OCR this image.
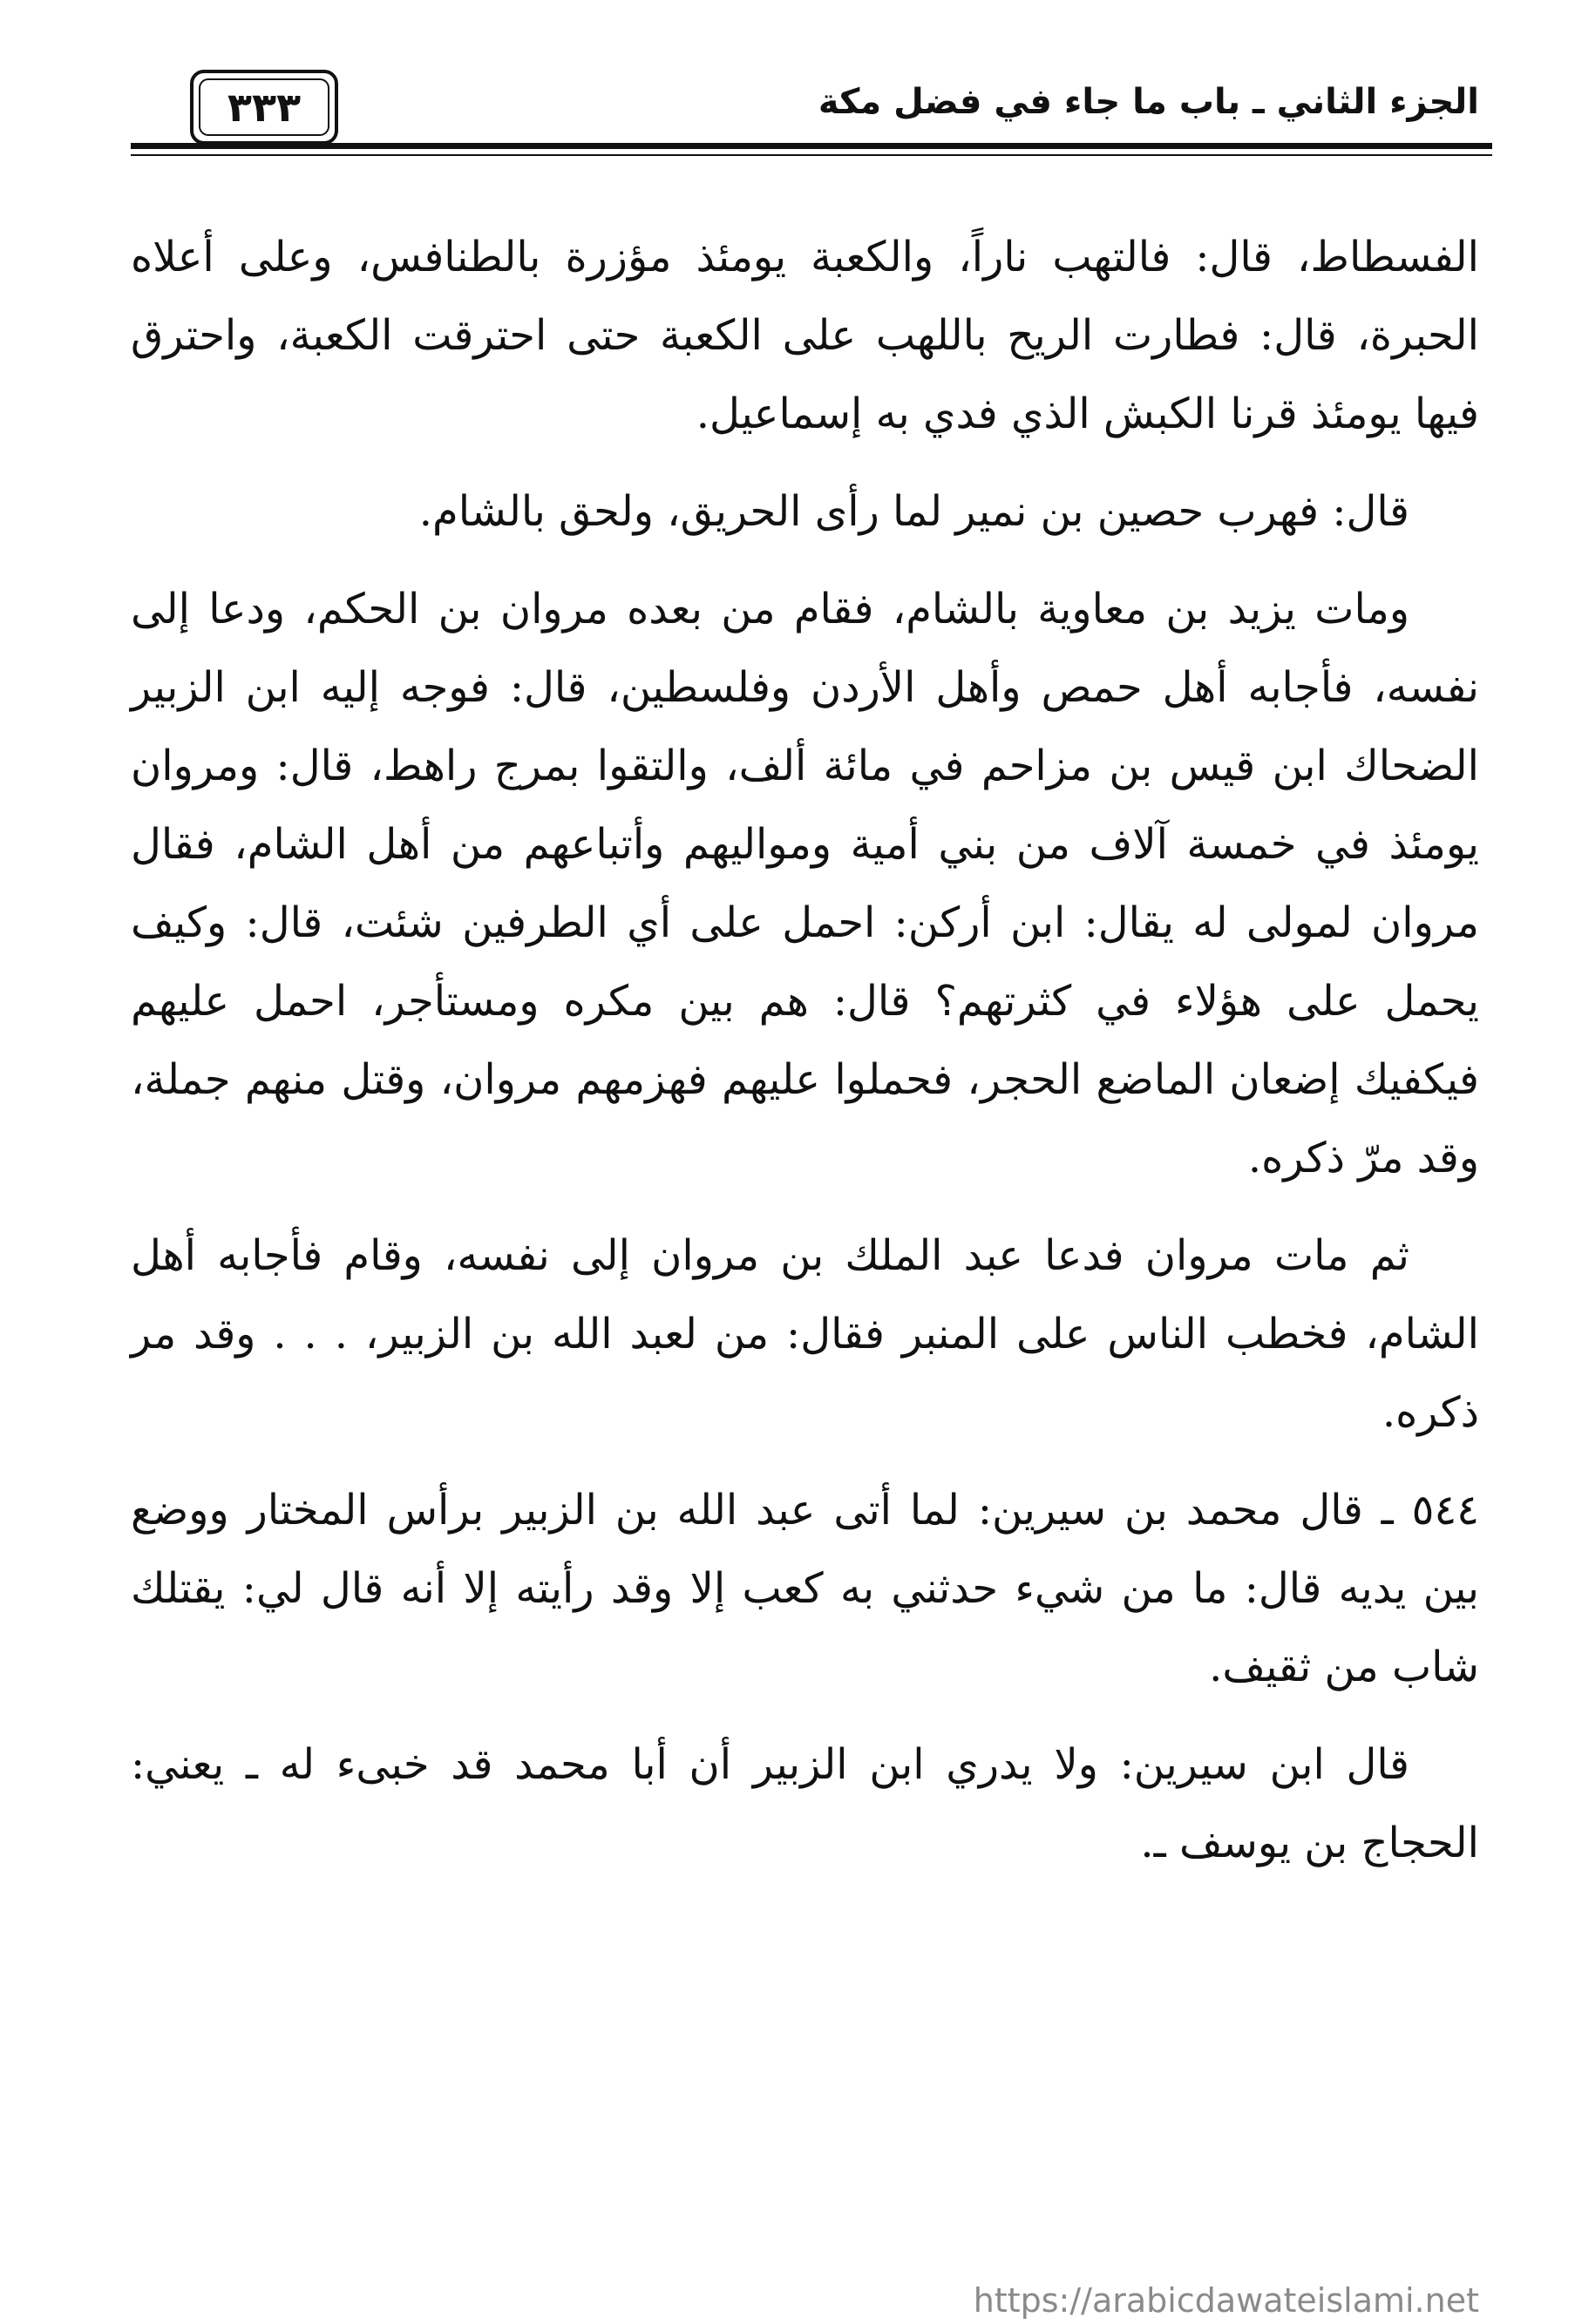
الجزء الثاني ـ باب ما جاء في فضل مكة
٣٣٣

الفسطاط، قال: فالتهب ناراً، والكعبة يومئذ مؤزرة بالطنافس، وعلى أعلاه الحبرة، قال: فطارت الريح باللهب على الكعبة حتى احترقت الكعبة، واحترق فيها يومئذ قرنا الكبش الذي فدي به إسماعيل.

قال: فهرب حصين بن نمير لما رأى الحريق، ولحق بالشام.

ومات يزيد بن معاوية بالشام، فقام من بعده مروان بن الحكم، ودعا إلى نفسه، فأجابه أهل حمص وأهل الأردن وفلسطين، قال: فوجه إليه ابن الزبير الضحاك ابن قيس بن مزاحم في مائة ألف، والتقوا بمرج راهط، قال: ومروان يومئذ في خمسة آلاف من بني أمية ومواليهم وأتباعهم من أهل الشام، فقال مروان لمولى له يقال: ابن أركن: احمل على أي الطرفين شئت، قال: وكيف يحمل على هؤلاء في كثرتهم؟ قال: هم بين مكره ومستأجر، احمل عليهم فيكفيك إضعان الماضع الحجر، فحملوا عليهم فهزمهم مروان، وقتل منهم جملة، وقد مرّ ذكره.

ثم مات مروان فدعا عبد الملك بن مروان إلى نفسه، وقام فأجابه أهل الشام، فخطب الناس على المنبر فقال: من لعبد الله بن الزبير، . . . وقد مر ذكره.

٥٤٤ ـ قال محمد بن سيرين: لما أتى عبد الله بن الزبير برأس المختار ووضع بين يديه قال: ما من شيء حدثني به كعب إلا وقد رأيته إلا أنه قال لي: يقتلك شاب من ثقيف.

قال ابن سيرين: ولا يدري ابن الزبير أن أبا محمد قد خبىء له ـ يعني: الحجاج بن يوسف ـ.

https://arabicdawateislami.net
